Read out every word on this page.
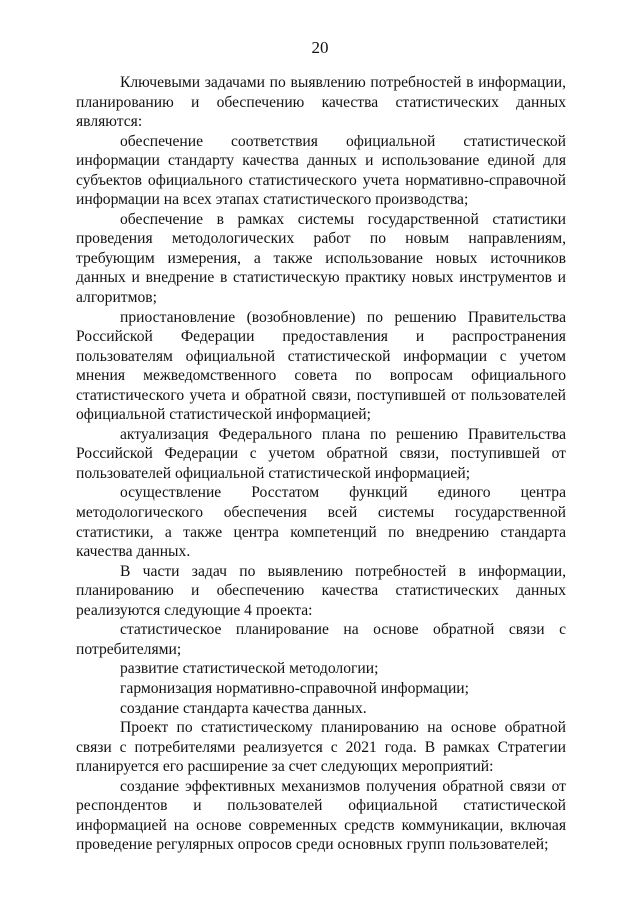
20

Ключевыми задачами по выявлению потребностей в информации, планированию и обеспечению качества статистических данных являются:

обеспечение соответствия официальной статистической информации стандарту качества данных и использование единой для субъектов официального статистического учета нормативно-справочной информации на всех этапах статистического производства;

обеспечение в рамках системы государственной статистики проведения методологических работ по новым направлениям, требующим измерения, а также использование новых источников данных и внедрение в статистическую практику новых инструментов и алгоритмов;

приостановление (возобновление) по решению Правительства Российской Федерации предоставления и распространения пользователям официальной статистической информации с учетом мнения межведомственного совета по вопросам официального статистического учета и обратной связи, поступившей от пользователей официальной статистической информацией;

актуализация Федерального плана по решению Правительства Российской Федерации с учетом обратной связи, поступившей от пользователей официальной статистической информацией;

осуществление Росстатом функций единого центра методологического обеспечения всей системы государственной статистики, а также центра компетенций по внедрению стандарта качества данных.

В части задач по выявлению потребностей в информации, планированию и обеспечению качества статистических данных реализуются следующие 4 проекта:

статистическое планирование на основе обратной связи с потребителями;

развитие статистической методологии;

гармонизация нормативно-справочной информации;

создание стандарта качества данных.

Проект по статистическому планированию на основе обратной связи с потребителями реализуется с 2021 года. В рамках Стратегии планируется его расширение за счет следующих мероприятий:

создание эффективных механизмов получения обратной связи от респондентов и пользователей официальной статистической информацией на основе современных средств коммуникации, включая проведение регулярных опросов среди основных групп пользователей;
